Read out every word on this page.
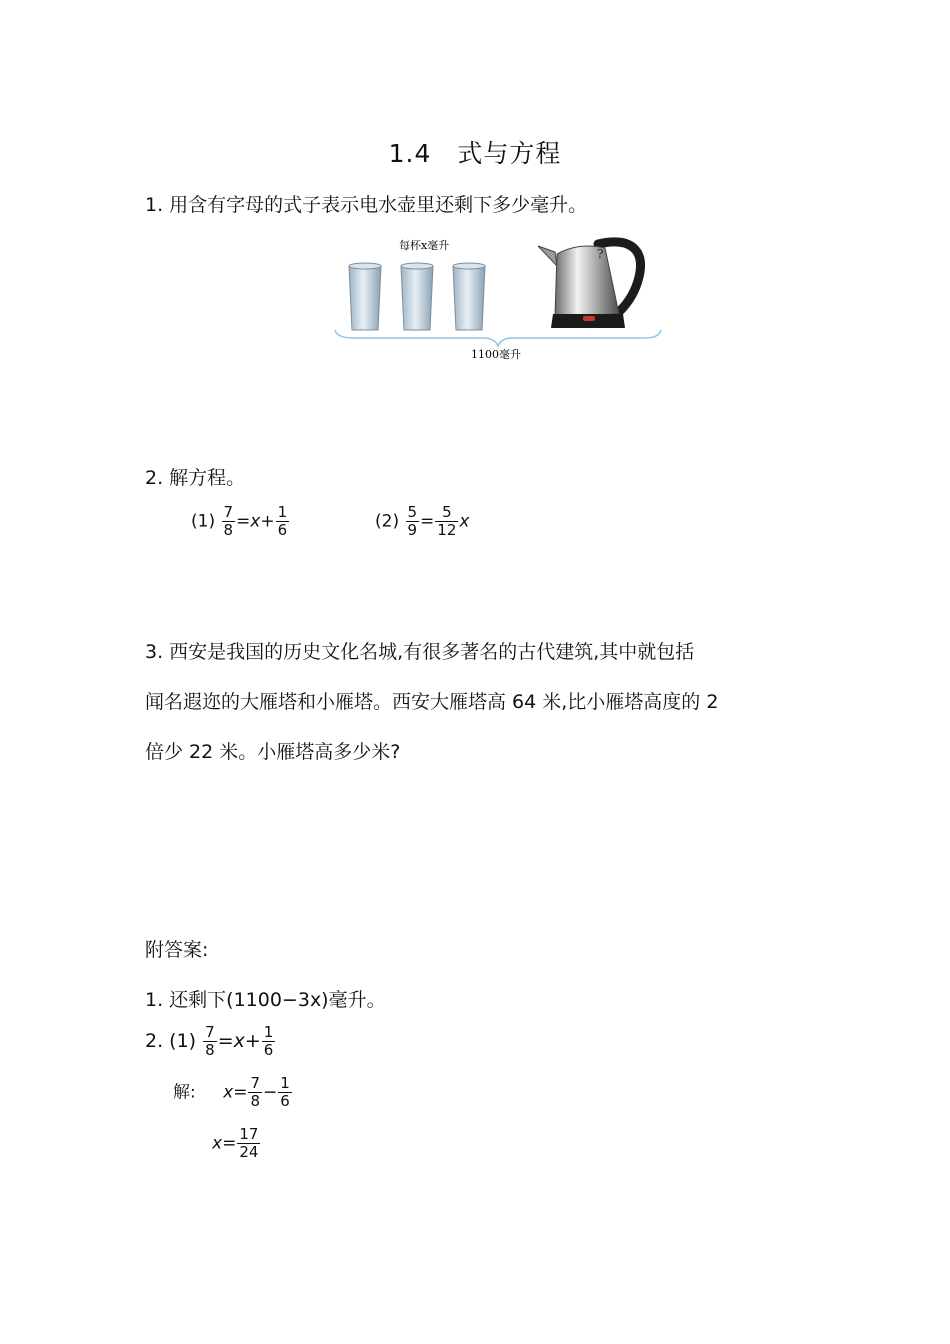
1.4　式与方程
1. 用含有字母的式子表示电水壶里还剩下多少毫升。
每杯x毫升
?
1100毫升
2. 解方程。
$(1) \frac{7}{8} =x+ \frac{1}{6}$	$(2) \frac{5}{9} = \frac{5}{12}$ x
3. 西安是我国的历史文化名城,有很多著名的古代建筑,其中就包括
闻名遐迩的大雁塔和小雁塔。西安大雁塔高 64 米,比小雁塔高度的 2
倍少 22 米。小雁塔高多少米?
附答案:
1. 还剩下(1100−3x)毫升。
2. $(1) \frac{7}{8} =x+ \frac{1}{6}$
解: $x= \frac{7}{8} - \frac{1}{6}$
$x= \frac{17}{24}$
